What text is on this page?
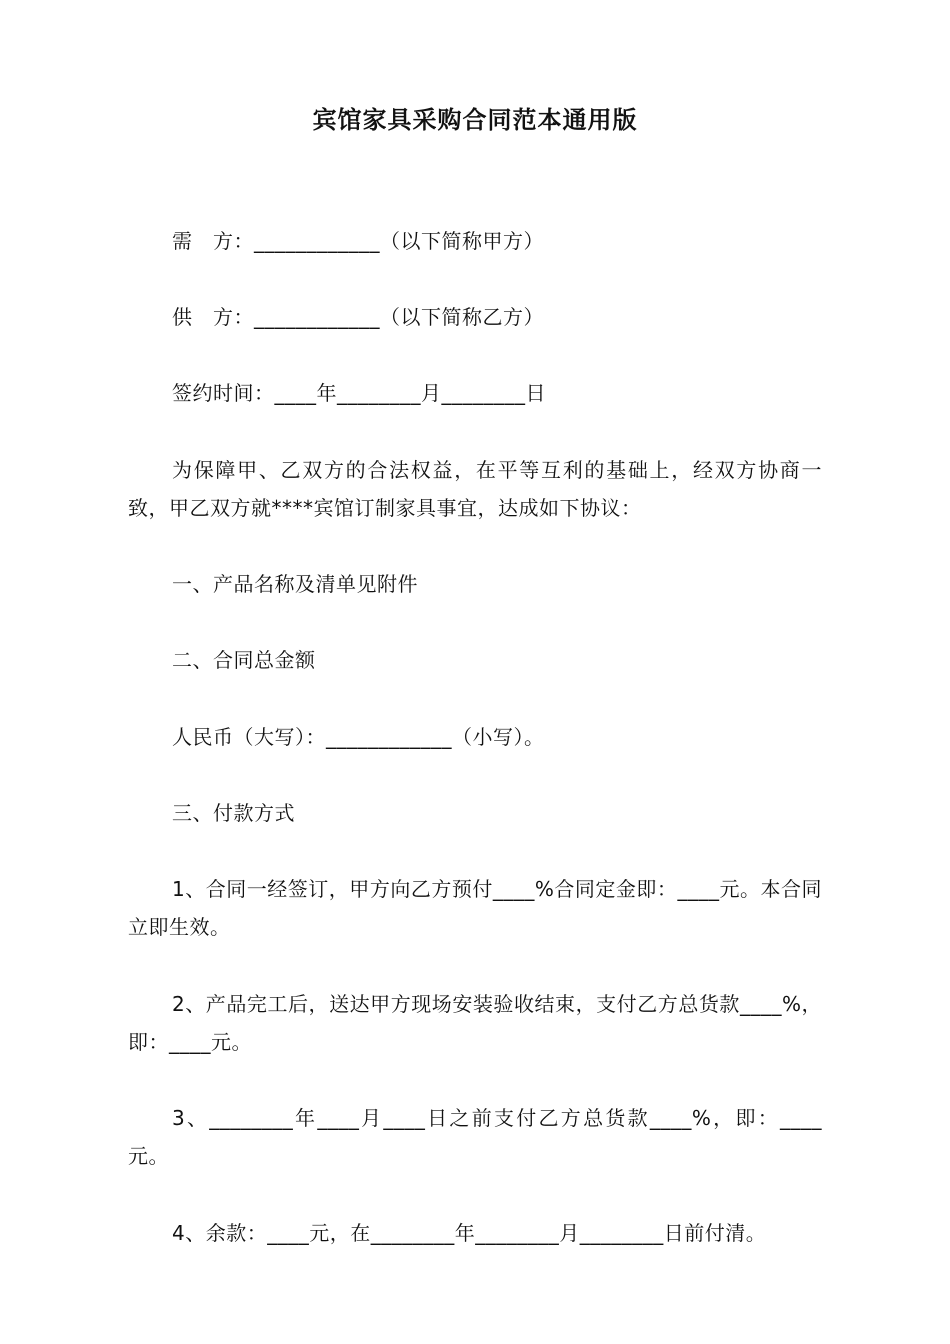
宾馆家具采购合同范本通用版
需　方：____________（以下简称甲方）
供　方：____________（以下简称乙方）
签约时间：____年________月________日
为保障甲、乙双方的合法权益，在平等互利的基础上，经双方协商一致，甲乙双方就****宾馆订制家具事宜，达成如下协议：
一、产品名称及清单见附件
二、合同总金额
人民币（大写）：____________（小写）。
三、付款方式
1、合同一经签订，甲方向乙方预付____%合同定金即：____元。本合同立即生效。
2、产品完工后，送达甲方现场安装验收结束，支付乙方总货款____%，即：____元。
3、________年____月____日之前支付乙方总货款____%，即：____元。
4、余款：____元，在________年________月________日前付清。
